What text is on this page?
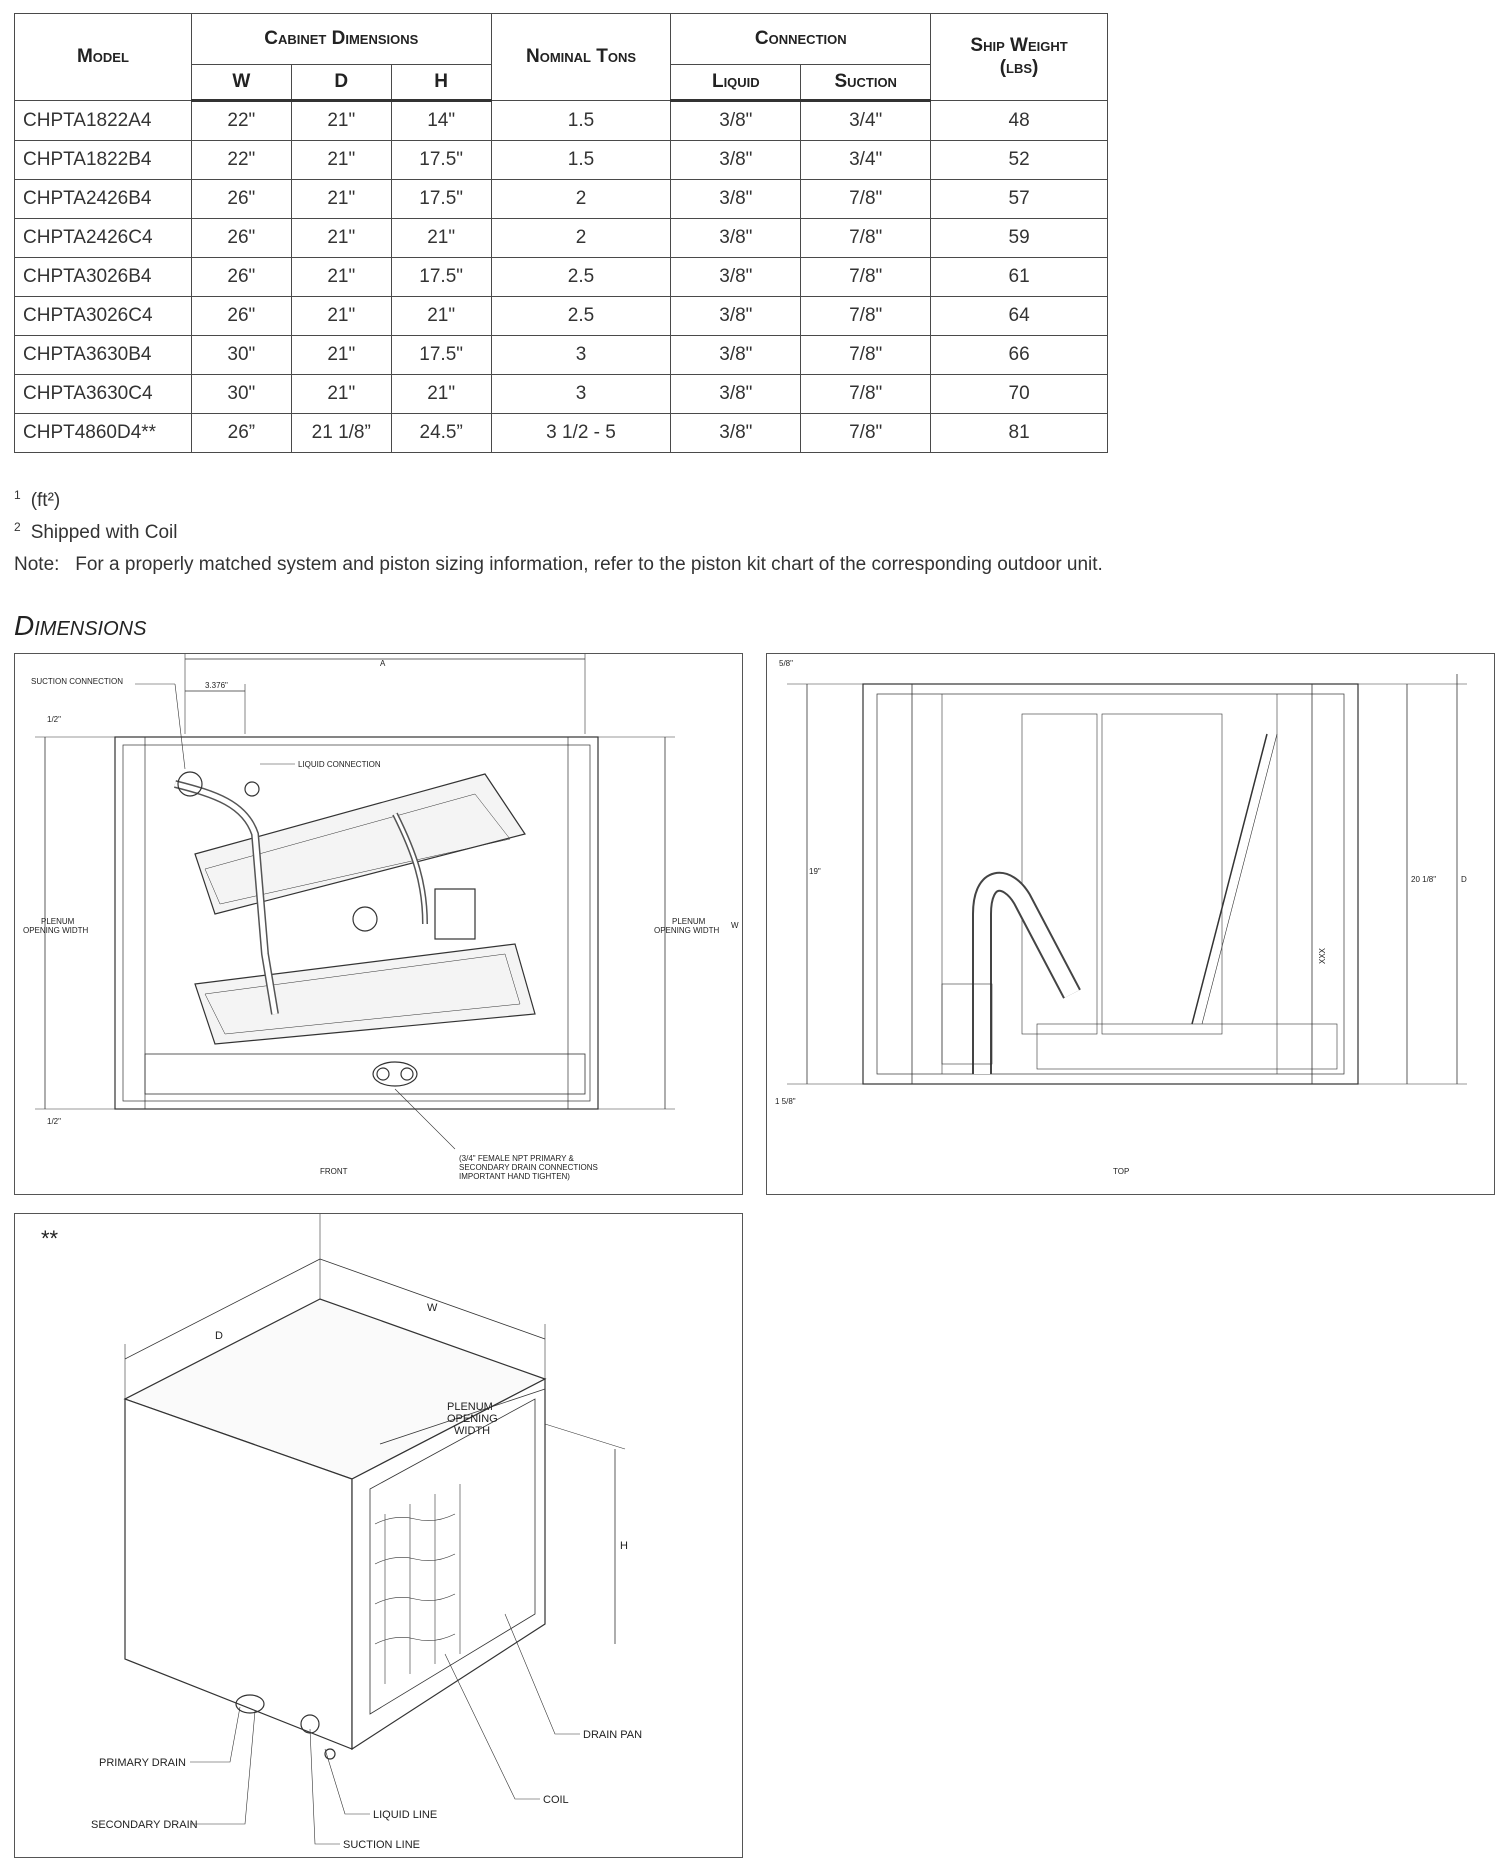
Model	Cabinet Dimensions			Nominal Tons	Connection		Ship Weight
(lbs)
	W	D	H		Liquid	Suction	
CHPTA1822A4	22"	21"	14"	1.5	3/8"	3/4"	48
CHPTA1822B4	22"	21"	17.5"	1.5	3/8"	3/4"	52
CHPTA2426B4	26"	21"	17.5"	2	3/8"	7/8"	57
CHPTA2426C4	26"	21"	21"	2	3/8"	7/8"	59
CHPTA3026B4	26"	21"	17.5"	2.5	3/8"	7/8"	61
CHPTA3026C4	26"	21"	21"	2.5	3/8"	7/8"	64
CHPTA3630B4	30"	21"	17.5"	3	3/8"	7/8"	66
CHPTA3630C4	30"	21"	21"	3	3/8"	7/8"	70
CHPT4860D4**	26”	21 1/8”	24.5”	3 1/2 - 5	3/8"	7/8"	81
$^1$ (ft²)
$^2$ Shipped with Coil
Note:   For a properly matched system and piston sizing information, refer to the piston kit chart of the corresponding outdoor unit.
Dimensions
SUCTION CONNECTION
LIQUID CONNECTION
A
3.376"
1/2"
1/2"
PLENUM
OPENING WIDTH
PLENUM
OPENING WIDTH
W
(3/4" FEMALE NPT PRIMARY &
SECONDARY DRAIN CONNECTIONS
IMPORTANT HAND TIGHTEN)
FRONT
5/8"
19"
1 5/8"
20 1/8"	D
XXX
TOP
**
D
W
H
PLENUM
OPENING
WIDTH
PRIMARY DRAIN
SECONDARY DRAIN
DRAIN PAN
COIL
LIQUID LINE
SUCTION LINE
